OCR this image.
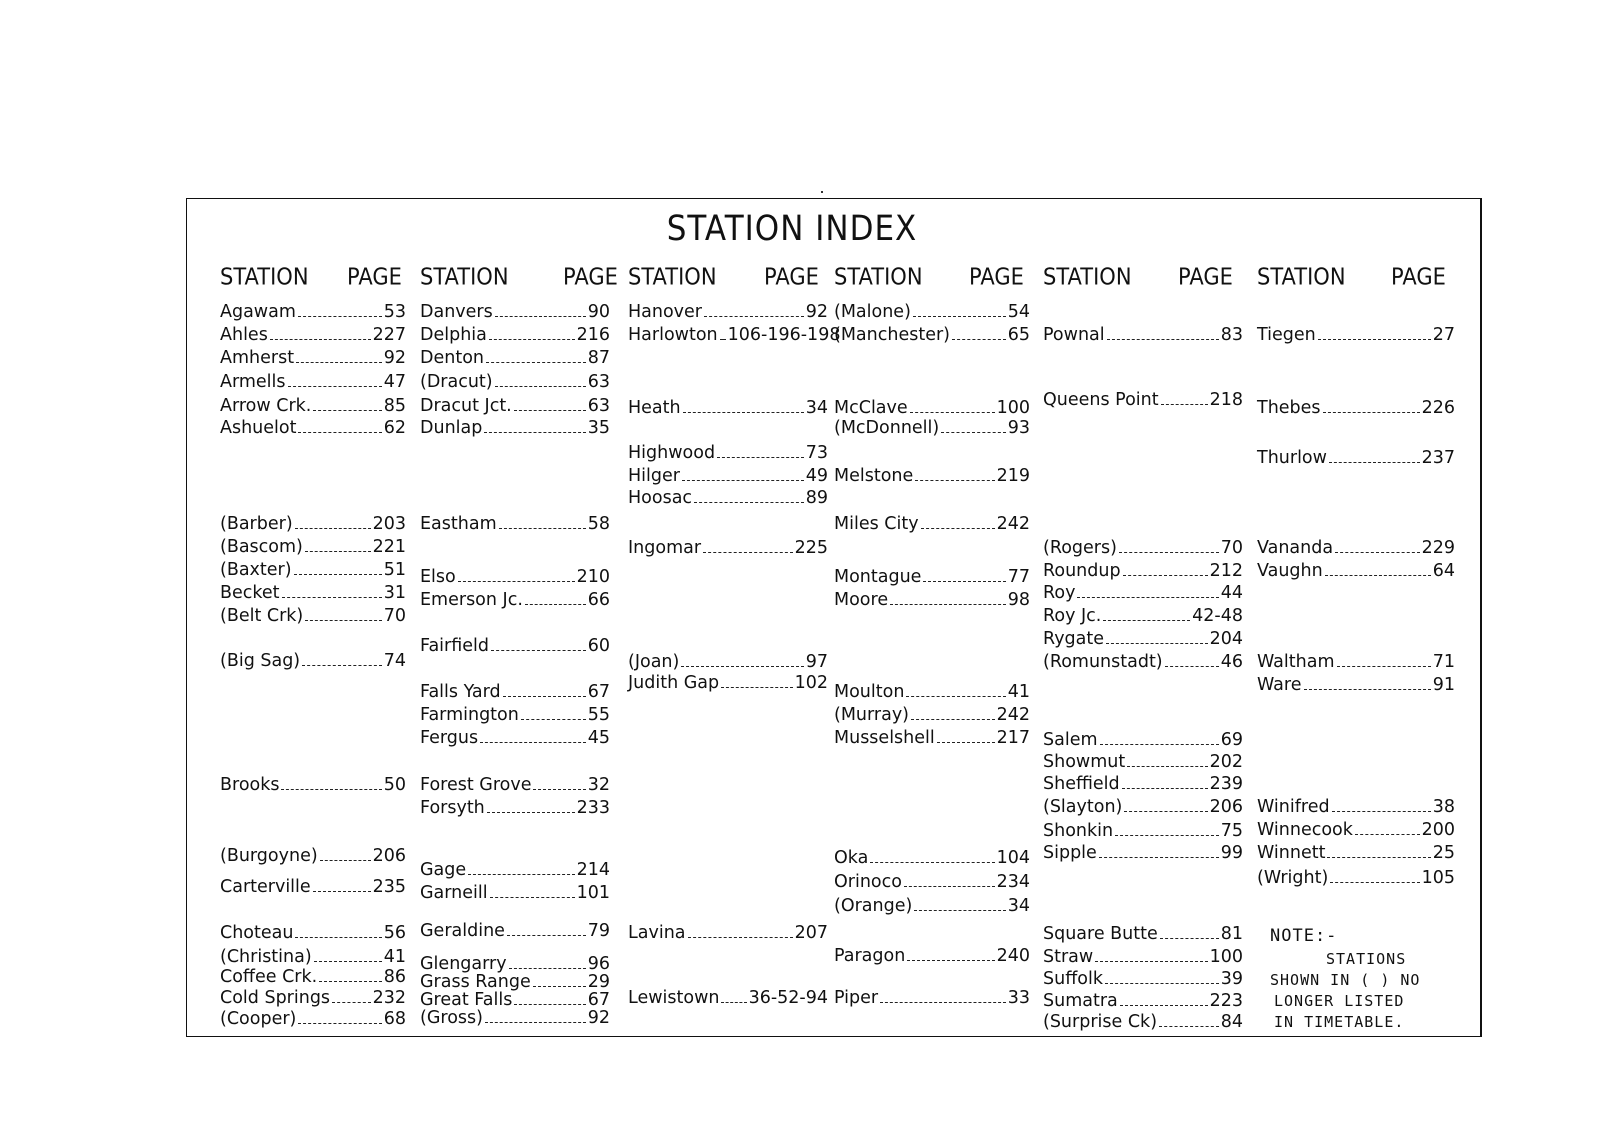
STATION INDEX
STATION PAGE STATION	PAGE STATION PAGE STATION PAGE STATION PAGE STATION PAGE
Agawam	53
Ahles	227
Amherst	92
Armells	47
Arrow Crk.	85
Ashuelot	62
(Barber)	203
(Bascom)	221
(Baxter)	51
Becket	31
(Belt Crk)	70
(Big Sag)	74
Brooks	50
(Burgoyne)	206
Carterville	235
Choteau	56
(Christina)	41
Coffee Crk.	86
Cold Springs 232
(Cooper)	68
Danvers	90
Delphia	216
Denton	87
(Dracut)	63
Dracut Jct.	63
Dunlap	35
Eastham	58
Elso	210
Emerson Jc.	66
Fairfield	60
Falls Yard	67
Farmington	55
Fergus	45
Forest Grove	32
Forsyth	233
Gage	214
Garneill	101
Geraldine	79
Glengarry	96
Grass Range	29
Great Falls	67
(Gross)	92
Hanover	92
Harlowton 106-196-198
Heath	34
Highwood	73
Hilger	49
Hoosac	89
Ingomar	225
(Joan)	97
Judith Gap	102
Lavina	207
Lewistown 36-52-94
(Malone)	54
(Manchester)	65
McClave	100
(McDonnell)	93
Melstone	219
Miles City	242
Montague	77
Moore	98
Moulton	41
(Murray)	242
Musselshell	217
Oka	104
Orinoco	234
(Orange)	34
Paragon	240
Piper	33
Pownal	83
Queens Point	218
(Rogers)	70
Roundup	212
Roy	44
Roy Jc.	42-48
Rygate	204
(Romunstadt)	46
Salem	69
Showmut	202
Sheffield	239
(Slayton)	206
Shonkin	75
Sipple	99
Square Butte	81
Straw	100
Suffolk	39
Sumatra	223
(Surprise Ck)	84
Tiegen	27
Thebes	226
Thurlow	237
Vananda	229
Vaughn	64
Waltham	71
Ware	91
Winifred	38
Winnecook	200
Winnett	25
(Wright)	105
NOTE:-
STATIONS
SHOWN IN ( ) NO
LONGER LISTED
IN TIMETABLE.
